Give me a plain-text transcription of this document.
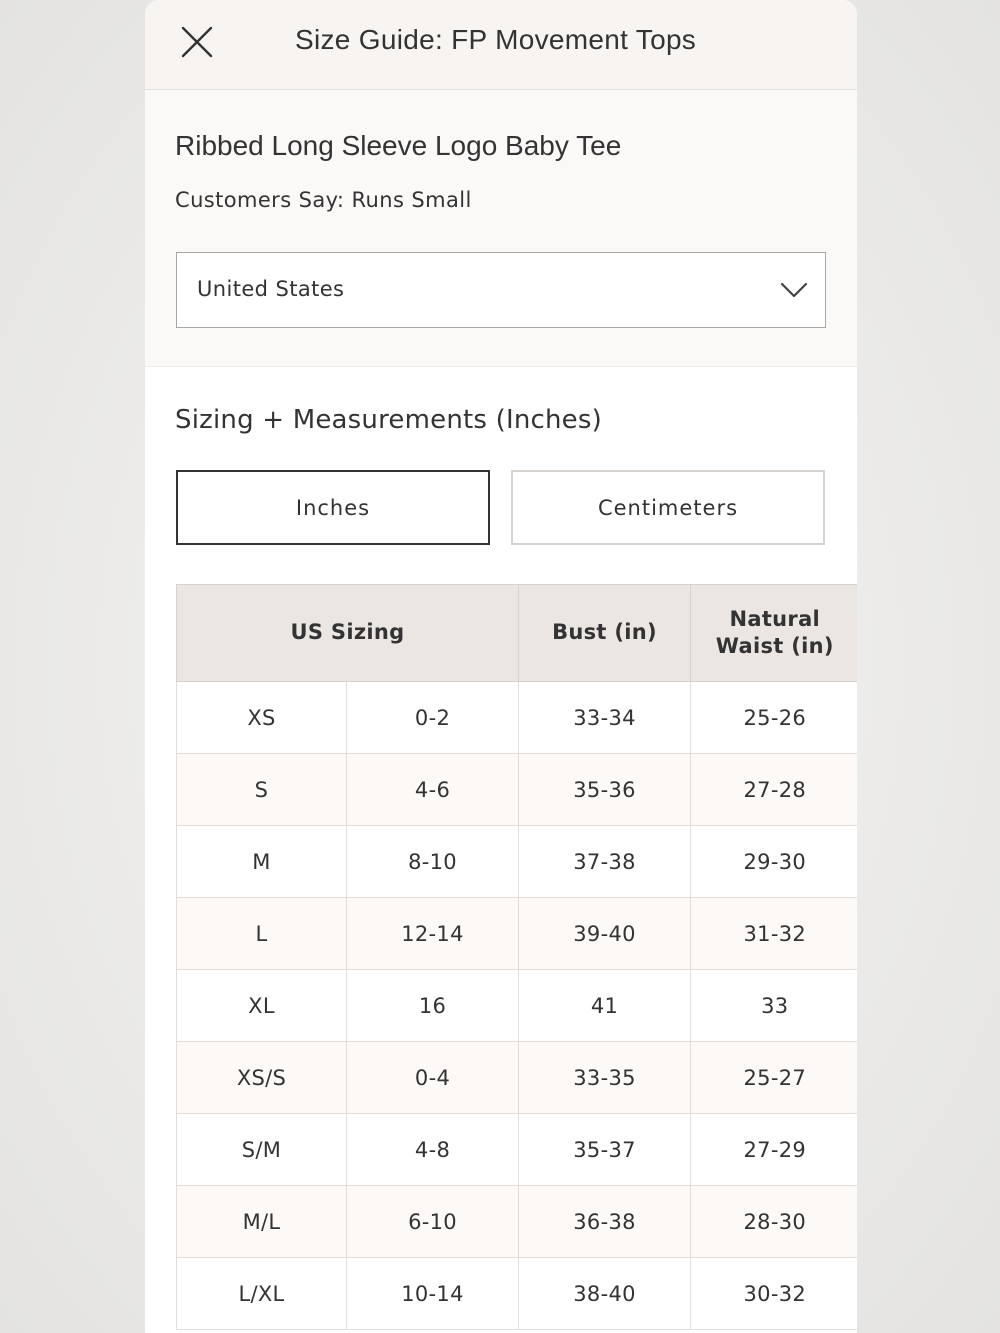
Size Guide: FP Movement Tops
Ribbed Long Sleeve Logo Baby Tee
Customers Say: Runs Small
United States
Sizing + Measurements (Inches)
Inches	Centimeters
US Sizing		Bust (in)	Natural
Waist (in)
XS	0-2	33-34	25-26
S	4-6	35-36	27-28
M	8-10	37-38	29-30
L	12-14	39-40	31-32
XL	16	41	33
XS/S	0-4	33-35	25-27
S/M	4-8	35-37	27-29
M/L	6-10	36-38	28-30
L/XL	10-14	38-40	30-32
